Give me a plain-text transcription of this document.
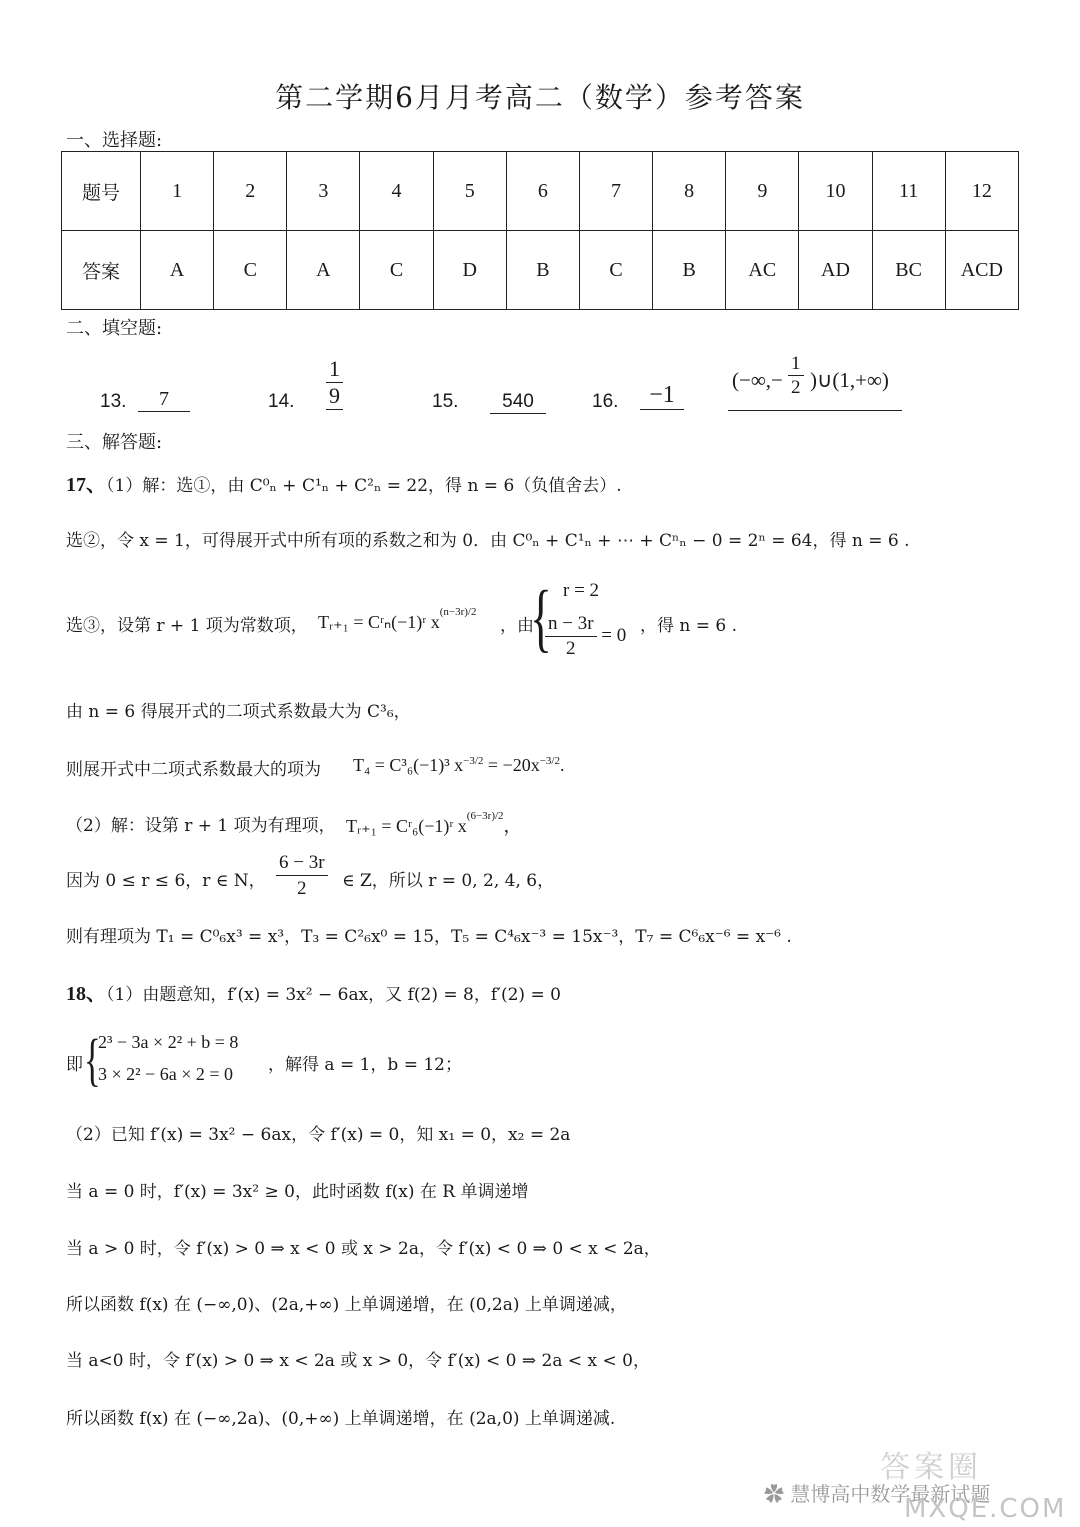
第二学期6月月考高二（数学）参考答案
一、选择题:
题号	1	2	3	4	5	6	7	8	9	10	11	12
答案	A	C	A	C	D	B	C	B	AC	AD	BC	ACD
二、填空题:
13.	7	14. $\frac{1}{9}$	15.	540	16.	−1
(−∞,− $\frac{1}{2}$ )∪(1,+∞)
三、解答题:
17、（1）解：选①，由 C⁰ₙ + C¹ₙ + C²ₙ = 22，得 n = 6（负值舍去）.
选②，令 x = 1，可得展开式中所有项的系数之和为 0．由 C⁰ₙ + C¹ₙ + ⋯ + Cⁿₙ − 0 = 2ⁿ = 64，得 n = 6 .
选③，设第 r + 1 项为常数项， Tᵣ₊₁ = Cʳₙ(−1)ʳ $x^{(n-3r)/2}$
，由
{ r = 2
$\frac{n - 3r}{2} = 0$ ，得 n = 6 .
由 n = 6 得展开式的二项式系数最大为 C³₆，
则展开式中二项式系数最大的项为 T₄ = C³₆(−1)³ $x^{-3/2} = -20x^{-3/2}$.
（2）解：设第 r + 1 项为有理项， Tᵣ₊₁ = Cʳ₆(−1)ʳ $x^{(6-3r)/2}$，
因为 0 ≤ r ≤ 6，r ∈ N， $\frac{6 - 3r}{2}$ ∈ Z，所以 r = 0, 2, 4, 6，
则有理项为 T₁ = C⁰₆x³ = x³，T₃ = C²₆x⁰ = 15，T₅ = C⁴₆x⁻³ = 15x⁻³，T₇ = C⁶₆x⁻⁶ = x⁻⁶ .
18、（1）由题意知，f′(x) = 3x² − 6ax，又 f(2) = 8，f′(2) = 0
即 {
2³ − 3a × 2² + b = 8
3 × 2² − 6a × 2 = 0 ，解得 a = 1，b = 12；
（2）已知 f′(x) = 3x² − 6ax，令 f′(x) = 0，知 x₁ = 0，x₂ = 2a
当 a = 0 时，f′(x) = 3x² ≥ 0，此时函数 f(x) 在 R 单调递增
当 a > 0 时，令 f′(x) > 0 ⇒ x < 0 或 x > 2a，令 f′(x) < 0 ⇒ 0 < x < 2a，
所以函数 f(x) 在 (−∞,0)、(2a,+∞) 上单调递增，在 (0,2a) 上单调递减，
当 a<0 时，令 f′(x) > 0 ⇒ x < 2a 或 x > 0，令 f′(x) < 0 ⇒ 2a < x < 0，
所以函数 f(x) 在 (−∞,2a)、(0,+∞) 上单调递增，在 (2a,0) 上单调递减.
答案圈
✿ 慧博高中数学最新试题
MXQE.COM
